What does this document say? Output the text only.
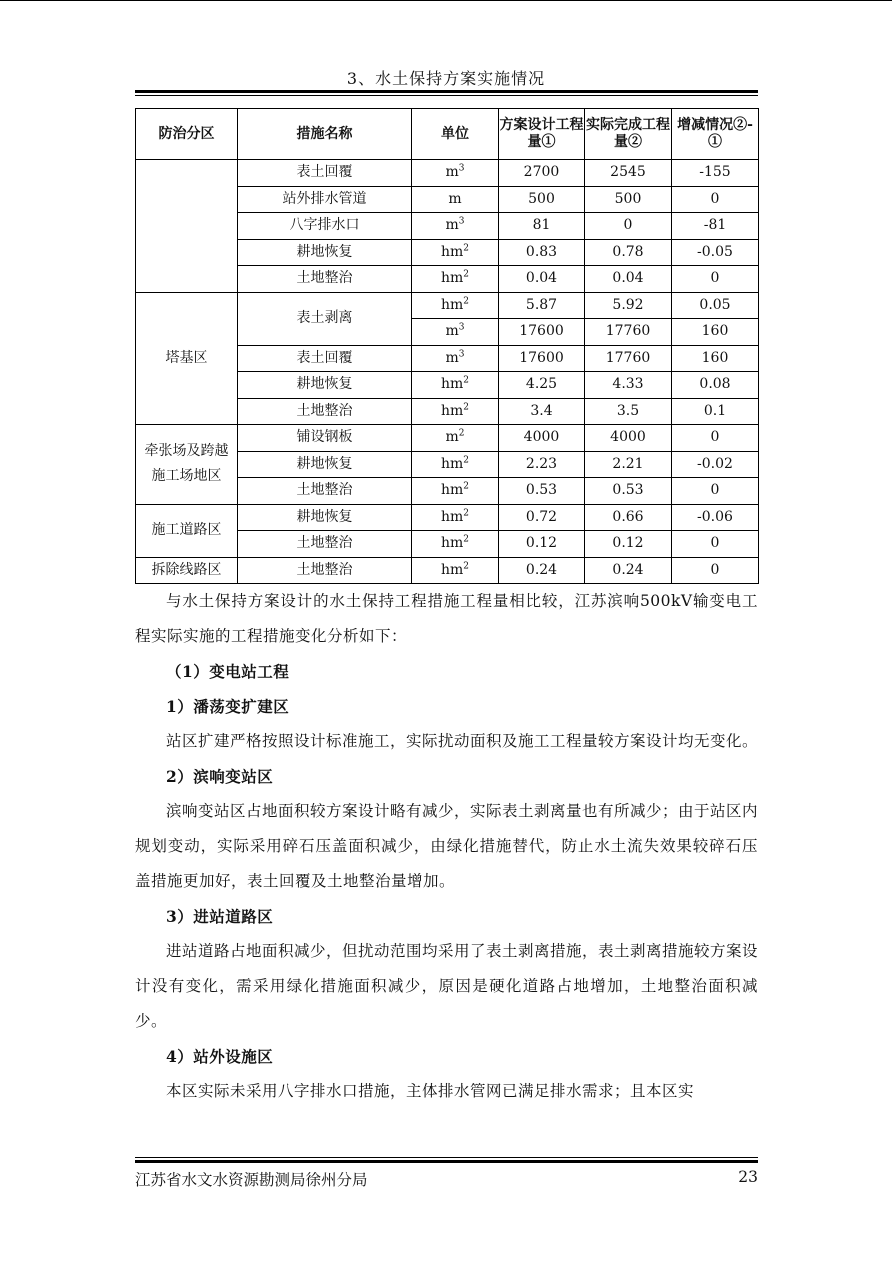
3、水土保持方案实施情况
防治分区	措施名称	单位	方案设计工程量①	实际完成工程量②	增减情况②-①
	表土回覆	$m^3$	2700	2545	-155
	站外排水管道	m	500	500	0
	八字排水口	$m^3$	81	0	-81
	耕地恢复	$hm^2$	0.83	0.78	-0.05
	土地整治	$hm^2$	0.04	0.04	0
塔基区	表土剥离	$hm^2$	5.87	5.92	0.05
		$m^3$	17600	17760	160
	表土回覆	$m^3$	17600	17760	160
	耕地恢复	$hm^2$	4.25	4.33	0.08
	土地整治	$hm^2$	3.4	3.5	0.1
牵张场及跨越施工场地区	铺设钢板	$m^2$	4000	4000	0
	耕地恢复	$hm^2$	2.23	2.21	-0.02
	土地整治	$hm^2$	0.53	0.53	0
施工道路区	耕地恢复	$hm^2$	0.72	0.66	-0.06
	土地整治	$hm^2$	0.12	0.12	0
拆除线路区	土地整治	$hm^2$	0.24	0.24	0

与水土保持方案设计的水土保持工程措施工程量相比较，江苏滨响500kV输变电工程实际实施的工程措施变化分析如下：

（1）变电站工程

1）潘荡变扩建区

站区扩建严格按照设计标准施工，实际扰动面积及施工工程量较方案设计均无变化。

2）滨响变站区

滨响变站区占地面积较方案设计略有减少，实际表土剥离量也有所减少；由于站区内规划变动，实际采用碎石压盖面积减少，由绿化措施替代，防止水土流失效果较碎石压盖措施更加好，表土回覆及土地整治量增加。

3）进站道路区

进站道路占地面积减少，但扰动范围均采用了表土剥离措施，表土剥离措施较方案设计没有变化，需采用绿化措施面积减少，原因是硬化道路占地增加，土地整治面积减少。

4）站外设施区

本区实际未采用八字排水口措施，主体排水管网已满足排水需求；且本区实

江苏省水文水资源勘测局徐州分局	23
